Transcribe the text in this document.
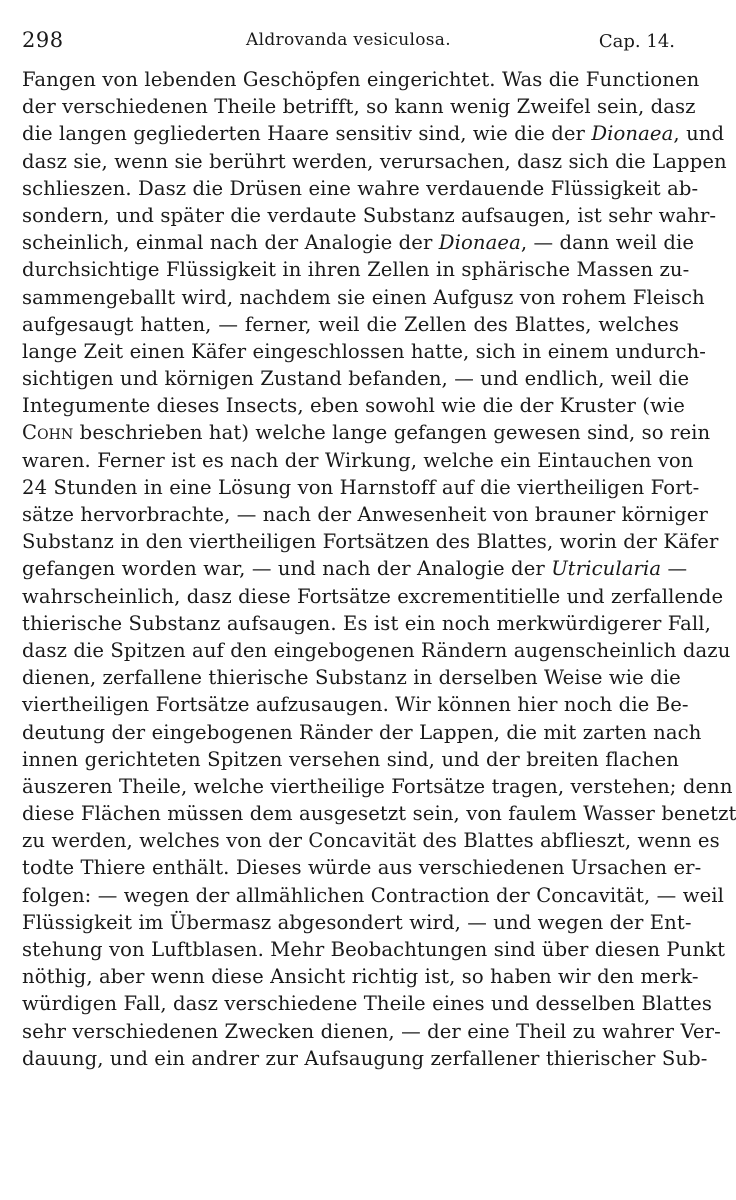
298	Aldrovanda vesiculosa.	Cap. 14.
Fangen von lebenden Geschöpfen eingerichtet. Was die Functionen
der verschiedenen Theile betrifft, so kann wenig Zweifel sein, dasz
die langen gegliederten Haare sensitiv sind, wie die der Dionaea, und
dasz sie, wenn sie berührt werden, verursachen, dasz sich die Lappen
schlieszen. Dasz die Drüsen eine wahre verdauende Flüssigkeit ab-
sondern, und später die verdaute Substanz aufsaugen, ist sehr wahr-
scheinlich, einmal nach der Analogie der Dionaea, — dann weil die
durchsichtige Flüssigkeit in ihren Zellen in sphärische Massen zu-
sammengeballt wird, nachdem sie einen Aufgusz von rohem Fleisch
aufgesaugt hatten, — ferner, weil die Zellen des Blattes, welches
lange Zeit einen Käfer eingeschlossen hatte, sich in einem undurch-
sichtigen und körnigen Zustand befanden, — und endlich, weil die
Integumente dieses Insects, eben sowohl wie die der Kruster (wie
Cohn beschrieben hat) welche lange gefangen gewesen sind, so rein
waren. Ferner ist es nach der Wirkung, welche ein Eintauchen von
24 Stunden in eine Lösung von Harnstoff auf die viertheiligen Fort-
sätze hervorbrachte, — nach der Anwesenheit von brauner körniger
Substanz in den viertheiligen Fortsätzen des Blattes, worin der Käfer
gefangen worden war, — und nach der Analogie der Utricularia —
wahrscheinlich, dasz diese Fortsätze excrementitielle und zerfallende
thierische Substanz aufsaugen. Es ist ein noch merkwürdigerer Fall,
dasz die Spitzen auf den eingebogenen Rändern augenscheinlich dazu
dienen, zerfallene thierische Substanz in derselben Weise wie die
viertheiligen Fortsätze aufzusaugen. Wir können hier noch die Be-
deutung der eingebogenen Ränder der Lappen, die mit zarten nach
innen gerichteten Spitzen versehen sind, und der breiten flachen
äuszeren Theile, welche viertheilige Fortsätze tragen, verstehen; denn
diese Flächen müssen dem ausgesetzt sein, von faulem Wasser benetzt
zu werden, welches von der Concavität des Blattes abflieszt, wenn es
todte Thiere enthält. Dieses würde aus verschiedenen Ursachen er-
folgen: — wegen der allmählichen Contraction der Concavität, — weil
Flüssigkeit im Übermasz abgesondert wird, — und wegen der Ent-
stehung von Luftblasen. Mehr Beobachtungen sind über diesen Punkt
nöthig, aber wenn diese Ansicht richtig ist, so haben wir den merk-
würdigen Fall, dasz verschiedene Theile eines und desselben Blattes
sehr verschiedenen Zwecken dienen, — der eine Theil zu wahrer Ver-
dauung, und ein andrer zur Aufsaugung zerfallener thierischer Sub-
